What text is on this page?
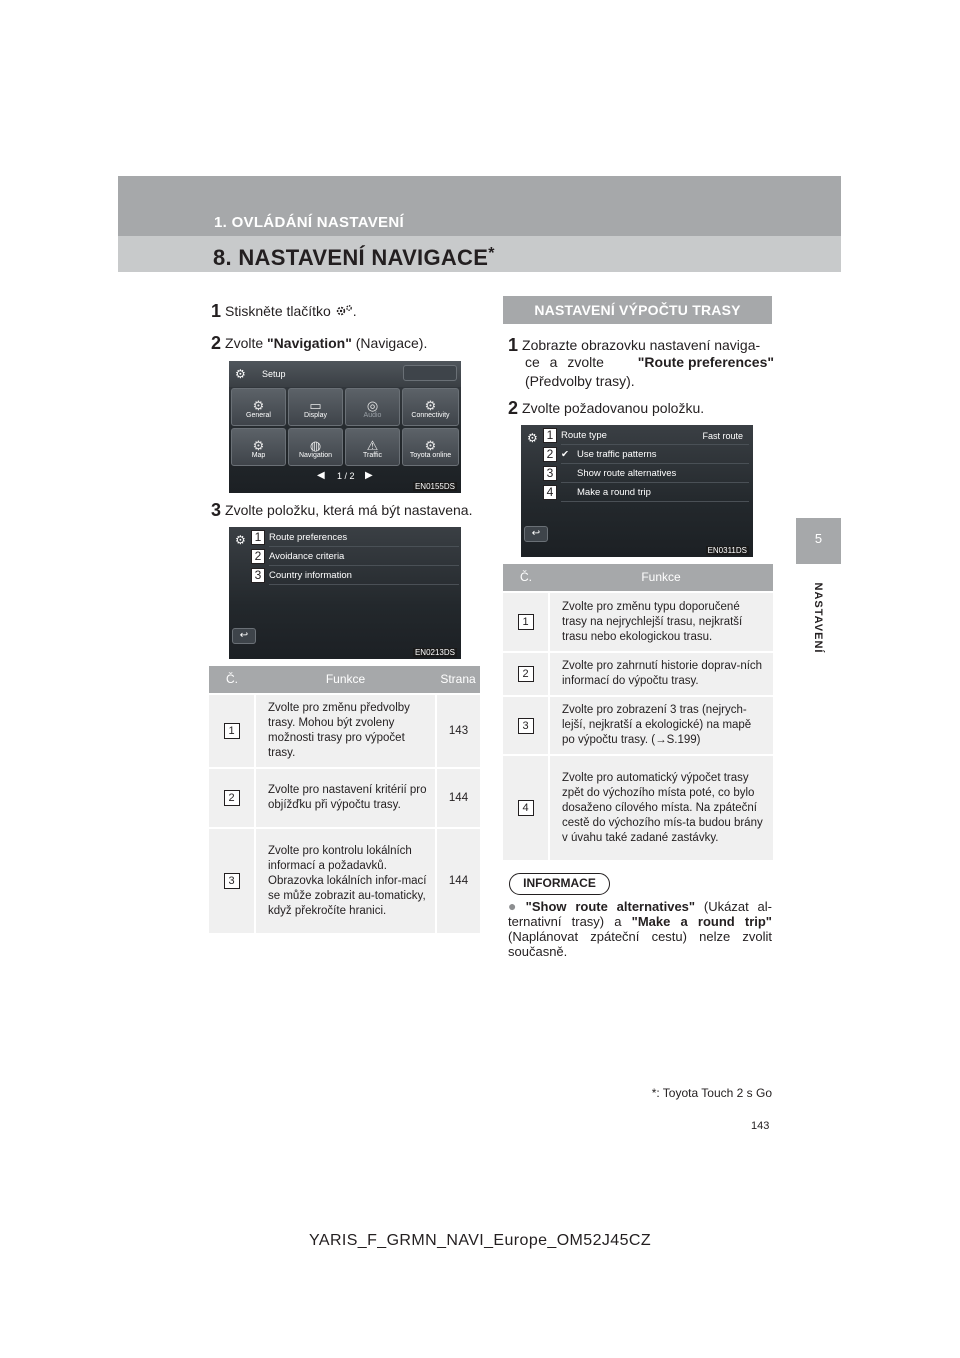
1. OVLÁDÁNÍ NASTAVENÍ
8. NASTAVENÍ NAVIGACE*
5
NASTAVENÍ
1 Stiskněte tlačítko .
2 Zvolte "Navigation" (Navigace).
⚙ Setup
⚙
General
▭
Display
◎
Audio
⚙
Connectivity
⚙
Map
◍
Navigation
⚠
Traffic
⚙
Toyota online
◀ 1 / 2 ▶
EN0155DS
3 Zvolte položku, která má být nastavena.
⚙ Route preferences
Avoidance criteria
Country information
1
2
3
↩
EN0213DS
Č.	Funkce	Strana
1	Zvolte pro změnu předvolby trasy. Mohou být zvoleny možnosti trasy pro výpočet trasy.	143
2	Zvolte pro nastavení kritérií pro objížďku při výpočtu trasy.	144
3	Zvolte pro kontrolu lokálních informací a požadavků. Obrazovka lokálních infor-mací se může zobrazit au-tomaticky, když překročíte hranici.	144
NASTAVENÍ VÝPOČTU TRASY
1 Zobrazte obrazovku nastavení naviga-
ce a zvolte "Route preferences"
(Předvolby trasy).
2 Zvolte požadovanou položku.
⚙ Route type	Fast route
✔ Use traffic patterns
Show route alternatives
Make a round trip
1
2
3
4
↩
EN0311DS
Č.	Funkce
1	Zvolte pro změnu typu doporučené trasy na nejrychlejší trasu, nejkratší trasu nebo ekologickou trasu.
2	Zvolte pro zahrnutí historie doprav-ních informací do výpočtu trasy.
3	Zvolte pro zobrazení 3 tras (nejrych-lejší, nejkratší a ekologické) na mapě po výpočtu trasy. (→S.199)
4	Zvolte pro automatický výpočet trasy zpět do výchozího místa poté, co bylo dosaženo cílového místa. Na zpáteční cestě do výchozího mís-ta budou brány v úvahu také zadané zastávky.
INFORMACE
● "Show route alternatives" (Ukázat al-ternativní trasy) a "Make a round trip" (Naplánovat zpáteční cestu) nelze zvolit současně.
*: Toyota Touch 2 s Go
143
YARIS_F_GRMN_NAVI_Europe_OM52J45CZ
